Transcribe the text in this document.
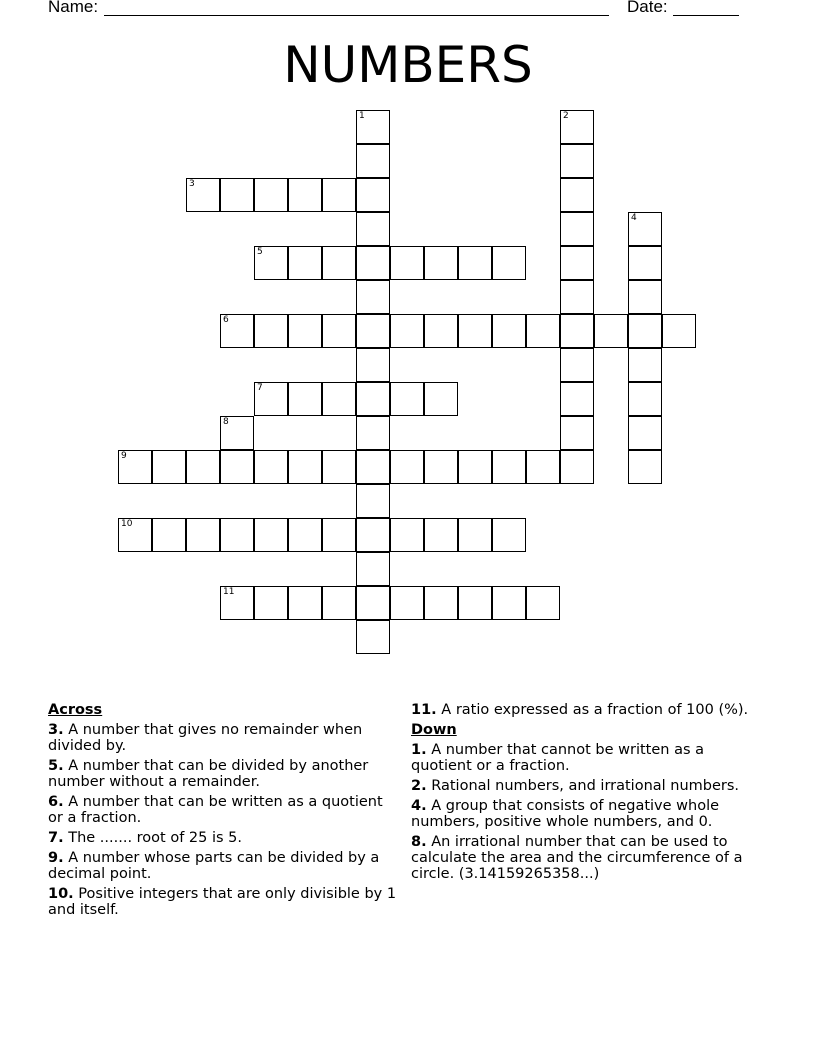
Name:	Date:
NUMBERS
1	2
3
4
5
6
7
8
9
10
11
Across
3. A number that gives no remainder when divided by.
5. A number that can be divided by another number without a remainder.
6. A number that can be written as a quotient or a fraction.
7. The ....... root of 25 is 5.
9. A number whose parts can be divided by a decimal point.
10. Positive integers that are only divisible by 1 and itself.
11. A ratio expressed as a fraction of 100 (%).
Down
1. A number that cannot be written as a quotient or a fraction.
2. Rational numbers, and irrational numbers.
4. A group that consists of negative whole numbers, positive whole numbers, and 0.
8. An irrational number that can be used to calculate the area and the circumference of a circle. (3.14159265358...)
